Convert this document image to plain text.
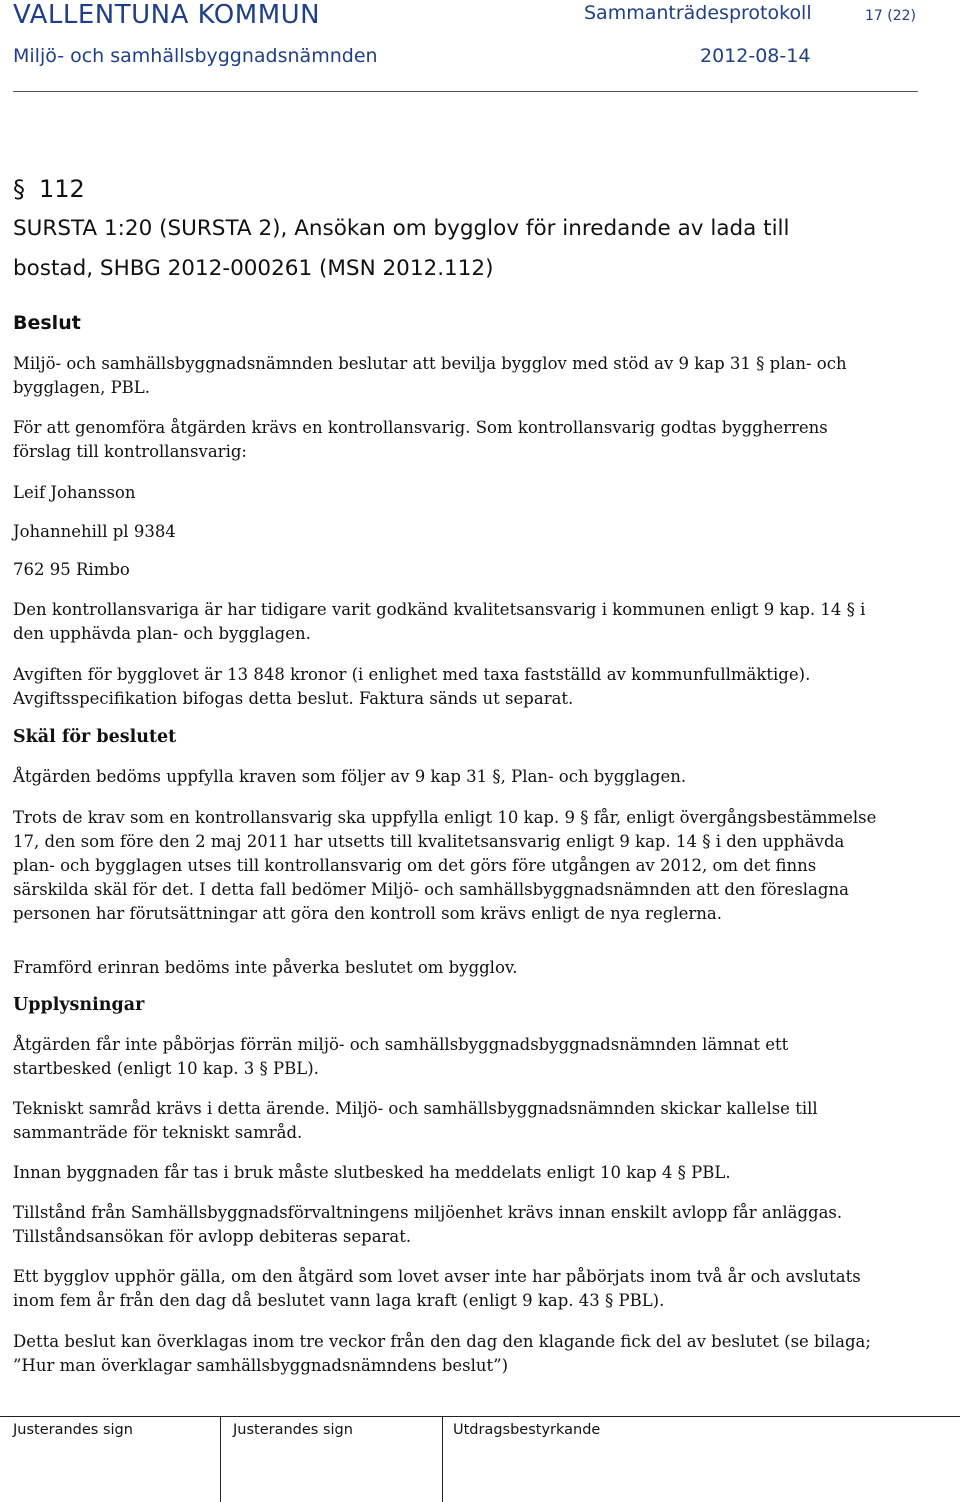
VALLENTUNA KOMMUN	Sammanträdesprotokoll	17 (22)
Miljö- och samhällsbyggnadsnämnden	2012-08-14
§ 112
SURSTA 1:20 (SURSTA 2), Ansökan om bygglov för inredande av lada till
bostad, SHBG 2012-000261 (MSN 2012.112)
Beslut
Miljö- och samhällsbyggnadsnämnden beslutar att bevilja bygglov med stöd av 9 kap 31 § plan- och
bygglagen, PBL.
För att genomföra åtgärden krävs en kontrollansvarig. Som kontrollansvarig godtas byggherrens
förslag till kontrollansvarig:
Leif Johansson
Johannehill pl 9384
762 95 Rimbo
Den kontrollansvariga är har tidigare varit godkänd kvalitetsansvarig i kommunen enligt 9 kap. 14 § i
den upphävda plan- och bygglagen.
Avgiften för bygglovet är 13 848 kronor (i enlighet med taxa fastställd av kommunfullmäktige).
Avgiftsspecifikation bifogas detta beslut. Faktura sänds ut separat.
Skäl för beslutet
Åtgärden bedöms uppfylla kraven som följer av 9 kap 31 §, Plan- och bygglagen.
Trots de krav som en kontrollansvarig ska uppfylla enligt 10 kap. 9 § får, enligt övergångsbestämmelse
17, den som före den 2 maj 2011 har utsetts till kvalitetsansvarig enligt 9 kap. 14 § i den upphävda
plan- och bygglagen utses till kontrollansvarig om det görs före utgången av 2012, om det finns
särskilda skäl för det. I detta fall bedömer Miljö- och samhällsbyggnadsnämnden att den föreslagna
personen har förutsättningar att göra den kontroll som krävs enligt de nya reglerna.
Framförd erinran bedöms inte påverka beslutet om bygglov.
Upplysningar
Åtgärden får inte påbörjas förrän miljö- och samhällsbyggnadsbyggnadsnämnden lämnat ett
startbesked (enligt 10 kap. 3 § PBL).
Tekniskt samråd krävs i detta ärende. Miljö- och samhällsbyggnadsnämnden skickar kallelse till
sammanträde för tekniskt samråd.
Innan byggnaden får tas i bruk måste slutbesked ha meddelats enligt 10 kap 4 § PBL.
Tillstånd från Samhällsbyggnadsförvaltningens miljöenhet krävs innan enskilt avlopp får anläggas.
Tillståndsansökan för avlopp debiteras separat.
Ett bygglov upphör gälla, om den åtgärd som lovet avser inte har påbörjats inom två år och avslutats
inom fem år från den dag då beslutet vann laga kraft (enligt 9 kap. 43 § PBL).
Detta beslut kan överklagas inom tre veckor från den dag den klagande fick del av beslutet (se bilaga;
”Hur man överklagar samhällsbyggnadsnämndens beslut”)
Justerandes sign	Justerandes sign	Utdragsbestyrkande
